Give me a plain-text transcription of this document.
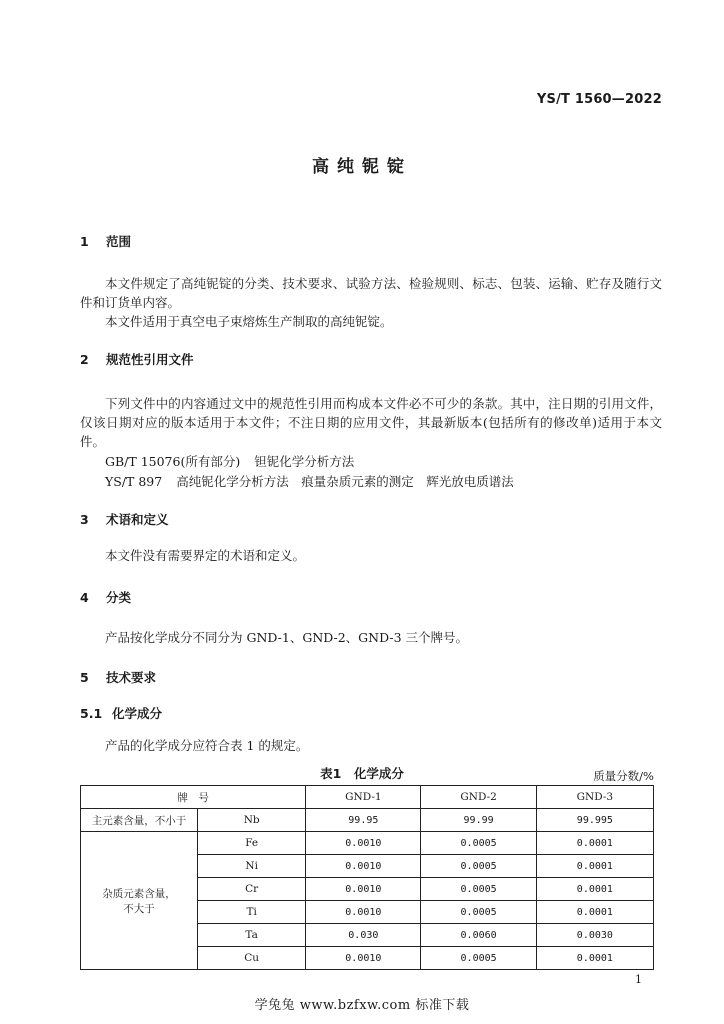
YS/T 1560—2022
高纯铌锭
1 范围
本文件规定了高纯铌锭的分类、技术要求、试验方法、检验规则、标志、包装、运输、贮存及随行文件和订货单内容。
本文件适用于真空电子束熔炼生产制取的高纯铌锭。
2 规范性引用文件
下列文件中的内容通过文中的规范性引用而构成本文件必不可少的条款。其中，注日期的引用文件，仅该日期对应的版本适用于本文件；不注日期的应用文件，其最新版本(包括所有的修改单)适用于本文件。
GB/T 15076(所有部分) 钽铌化学分析方法
YS/T 897 高纯铌化学分析方法　痕量杂质元素的测定　辉光放电质谱法
3 术语和定义
本文件没有需要界定的术语和定义。
4 分类
产品按化学成分不同分为 GND-1、GND-2、GND-3 三个牌号。
5 技术要求
5.1 化学成分
产品的化学成分应符合表 1 的规定。
表1　化学成分	质量分数/%
牌　号		GND-1	GND-2	GND-3
主元素含量，不小于	Nb	99.95	99.99	99.995

杂质元素含量，
不大于	Fe	0.0010	0.0005	0.0001
	Ni	0.0010	0.0005	0.0001
	Cr	0.0010	0.0005	0.0001
	Ti	0.0010	0.0005	0.0001
	Ta	0.030	0.0060	0.0030
	Cu	0.0010	0.0005	0.0001
1
学兔兔 www.bzfxw.com 标准下载
